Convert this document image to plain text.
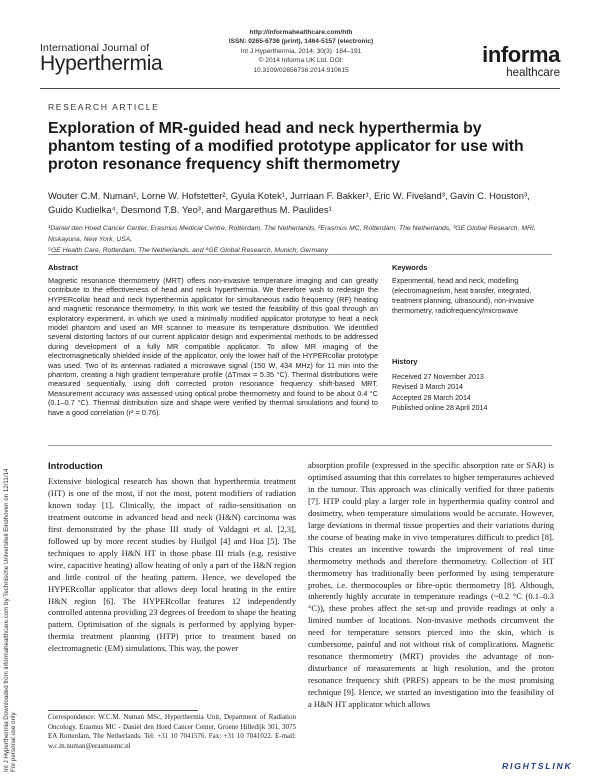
Int J Hyperthermia Downloaded from informahealthcare.com by Technische Universiteit Eindhoven on 12/11/14 For personal use only.
International Journal of
Hyperthermia
http://informahealthcare.com/hth
ISSN: 0265-6736 (print), 1464-5157 (electronic)
Int J Hyperthermia, 2014; 30(3): 184–191
© 2014 Informa UK Ltd. DOI: 10.3109/02656736.2014.910615
informa
healthcare
RESEARCH ARTICLE
Exploration of MR-guided head and neck hyperthermia by phantom testing of a modified prototype applicator for use with proton resonance frequency shift thermometry
Wouter C.M. Numan¹, Lorne W. Hofstetter², Gyula Kotek¹, Jurriaan F. Bakker¹, Eric W. Fiveland³, Gavin C. Houston³,
Guido Kudielka⁴, Desmond T.B. Yeo³, and Margarethus M. Paulides¹
¹Daniel den Hoed Cancer Center, Erasmus Medical Centre, Rotterdam, The Netherlands, ²Erasmus MC, Rotterdam, The Netherlands, ³GE Global Research, MRI, Niskayuna, New York, USA,
⁵GE Health Care, Rotterdam, The Netherlands, and ⁴GE Global Research, Munich, Germany
Abstract
Magnetic resonance thermometry (MRT) offers non-invasive temperature imaging and can greatly contribute to the effectiveness of head and neck hyperthermia. We therefore wish to redesign the HYPERcollar head and neck hyperthermia applicator for simultaneous radio frequency (RF) heating and magnetic resonance thermometry. In this work we tested the feasibility of this goal through an exploratory experiment, in which we used a minimally modified applicator prototype to heat a neck model phantom and used an MR scanner to measure its temperature distribution. We identified several distorting factors of our current applicator design and experimental methods to be addressed during development of a fully MR compatible applicator. To allow MR imaging of the electromagnetically shielded inside of the applicator, only the lower half of the HYPERcollar prototype was used. Two of its antennas radiated a microwave signal (150 W, 434 MHz) for 11 min into the phantom, creating a high gradient temperature profile (ΔTmax = 5.35 °C). Thermal distributions were measured sequentially, using drift corrected proton resonance frequency shift-based MRT. Measurement accuracy was assessed using optical probe thermometry and found to be about 0.4 °C (0.1–0.7 °C). Thermal distribution size and shape were verified by thermal simulations and found to have a good correlation (r² = 0.76).
Keywords
Experimental, head and neck, modelling (electromagnetism, heat transfer, integrated, treatment planning, ultrasound), non-invasive thermometry, radiofrequency/microwave
History
Received 27 November 2013
Revised 3 March 2014
Accepted 28 March 2014
Published online 28 April 2014
Introduction

Extensive biological research has shown that hyperthermia treatment (HT) is one of the most, if not the most, potent modifiers of radiation known today [1]. Clinically, the impact of radio-sensitisation on treatment outcome in advanced head and neck (H&N) carcinoma was first demonstrated by the phase III study of Valdagni et al. [2,3], followed up by more recent studies by Huilgol [4] and Hua [5]. The techniques to apply H&N HT in those phase III trials (e.g. resistive wire, capacitive heating) allow heating of only a part of the H&N region and little control of the heating pattern. Hence, we developed the HYPERcollar applicator that allows deep local heating in the entire H&N region [6]. The HYPERcollar features 12 independently controlled antenna providing 23 degrees of freedom to shape the heating pattern. Optimisation of the signals is performed by applying hyper-thermia treatment planning (HTP) prior to treatment based on electromagnetic (EM) simulations. This way, the power

absorption profile (expressed in the specific absorption rate or SAR) is optimised assuming that this correlates to higher temperatures achieved in the tumour. This approach was clinically verified for three patients [7]. HTP could play a larger role in hyperthermia quality control and dosimetry, when temperature simulations would be accurate. However, large deviations in thermal tissue properties and their variations during the course of heating make in vivo temperatures difficult to predict [8]. This creates an incentive towards the improvement of real time thermometry methods and therefore thermometry. Collection of HT thermometry has traditionally been performed by using temperature probes, i.e. thermocouples or fibre-optic thermometry [8]. Although, inherently highly accurate in temperature readings (~0.2 °C (0.1–0.3 °C)), these probes affect the set-up and provide readings at only a limited number of locations. Non-invasive methods circumvent the need for temperature sensors pierced into the skin, which is cumbersome, painful and not without risk of complications. Magnetic resonance thermometry (MRT) provides the advantage of non-disturbance of measurements at high resolution, and the proton resonance frequency shift (PRFS) appears to be the most promising technique [9]. Hence, we started an investigation into the feasibility of a H&N HT applicator which allows

Correspondence: W.C.M. Numan MSc, Hyperthermia Unit, Department of Radiation Oncology, Erasmus MC - Daniel den Hoed Cancer Center, Groene Hilledijk 301, 3075 EA Rotterdam, The Netherlands. Tel: +31 10 7041576. Fax: +31 10 7041022. E-mail: w.c.m.numan@erasmusmc.nl
RIGHTSLINK
